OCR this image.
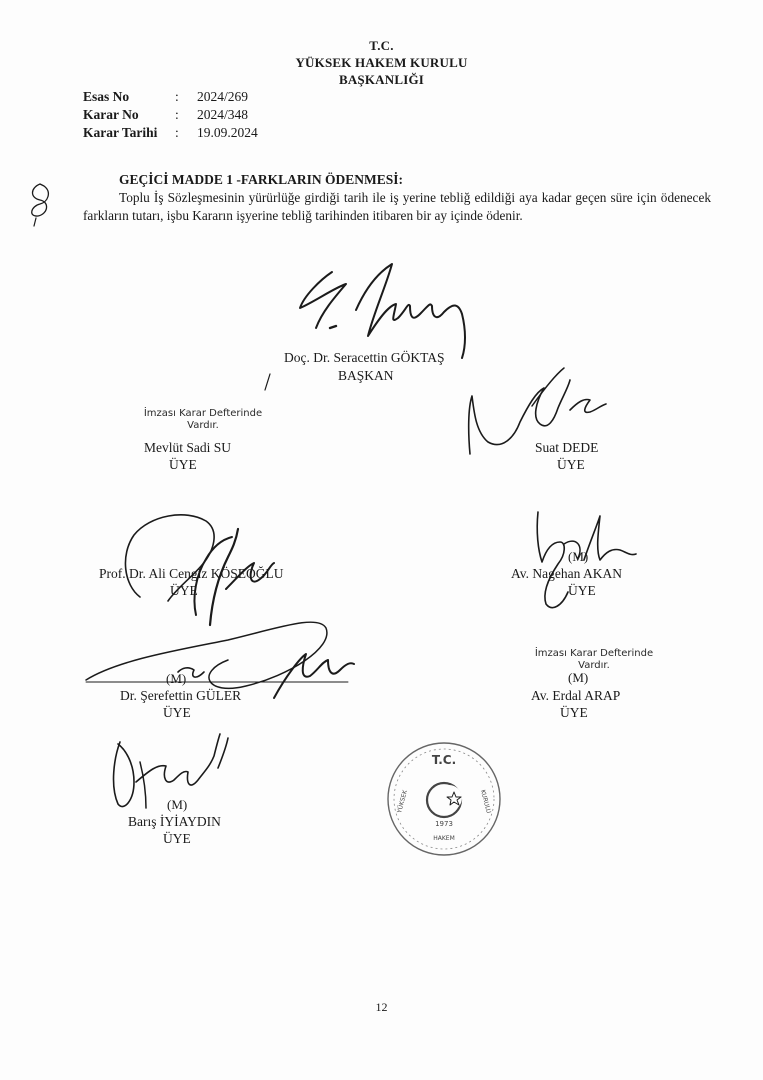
T.C.
YÜKSEK HAKEM KURULU
BAŞKANLIĞI
Esas No	: 2024/269
Karar No	: 2024/348
Karar Tarihi : 19.09.2024
GEÇİCİ MADDE 1 -FARKLARIN ÖDENMESİ:

Toplu İş Sözleşmesinin yürürlüğe girdiği tarih ile iş yerine tebliğ edildiği aya kadar geçen süre için ödenecek farkların tutarı, işbu Kararın işyerine tebliğ tarihinden itibaren bir ay içinde ödenir.

Doç. Dr. Seracettin GÖKTAŞ
BAŞKAN
İmzası Karar Defterinde
Vardır.
Mevlüt Sadi SU
ÜYE
Suat DEDE
ÜYE
Prof. Dr. Ali Cengiz KÖSEOĞLU
ÜYE
(M)
Av. Nagehan AKAN
ÜYE
(M)
Dr. Şerefettin GÜLER
ÜYE
İmzası Karar Defterinde
Vardır.
(M)
Av. Erdal ARAP
ÜYE
(M)
Barış İYİAYDIN
ÜYE
T.C.
1973
YÜKSEK
HAKEM
KURULU
12
